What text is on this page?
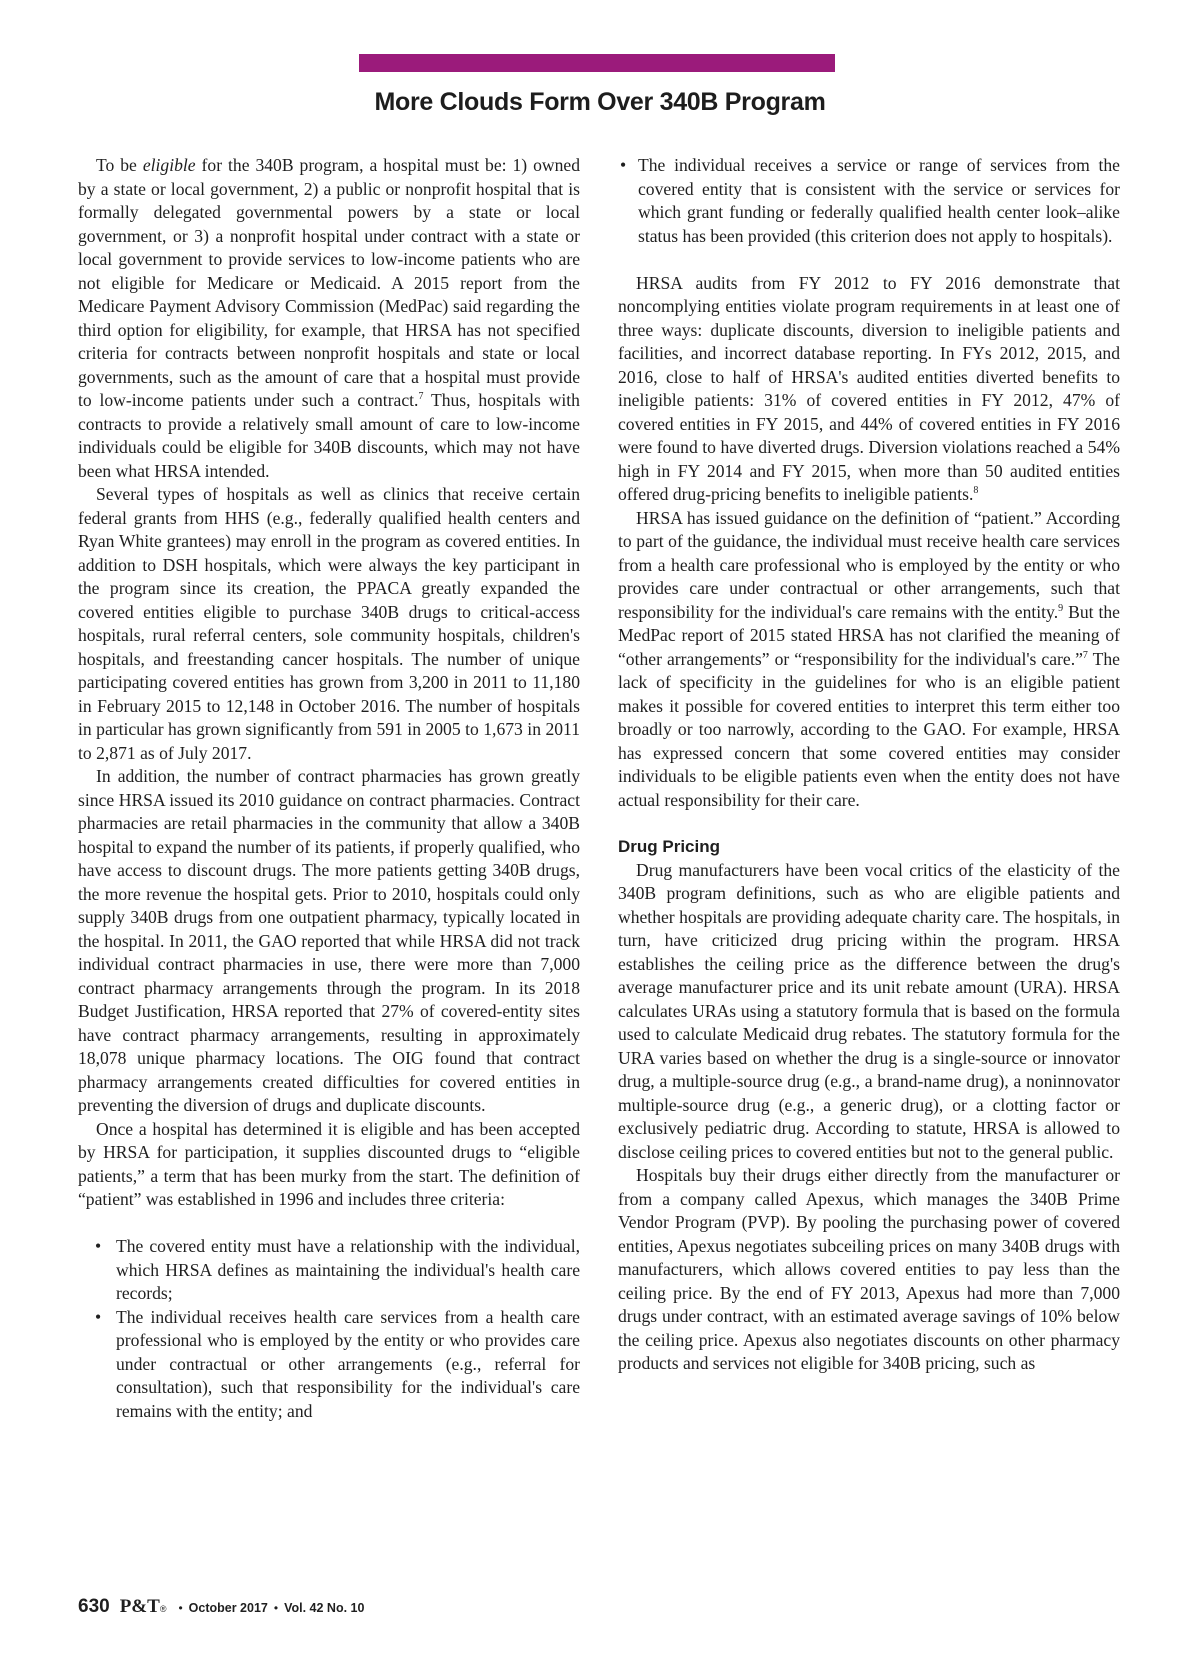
More Clouds Form Over 340B Program

To be eligible for the 340B program, a hospital must be: 1) owned by a state or local government, 2) a public or nonprofit hospital that is formally delegated governmental powers by a state or local government, or 3) a nonprofit hospital under contract with a state or local government to provide services to low-income patients who are not eligible for Medicare or Medicaid. A 2015 report from the Medicare Payment Advisory Commission (MedPac) said regarding the third option for eligibility, for example, that HRSA has not specified criteria for contracts between nonprofit hospitals and state or local governments, such as the amount of care that a hospital must provide to low-income patients under such a contract.$^7$ Thus, hospitals with contracts to provide a relatively small amount of care to low-income individuals could be eligible for 340B discounts, which may not have been what HRSA intended.

Several types of hospitals as well as clinics that receive certain federal grants from HHS (e.g., federally qualified health centers and Ryan White grantees) may enroll in the program as covered entities. In addition to DSH hospitals, which were always the key participant in the program since its creation, the PPACA greatly expanded the covered entities eligible to purchase 340B drugs to critical-access hospitals, rural referral centers, sole community hospitals, children's hospitals, and freestanding cancer hospitals. The number of unique participating covered entities has grown from 3,200 in 2011 to 11,180 in February 2015 to 12,148 in October 2016. The number of hospitals in particular has grown significantly from 591 in 2005 to 1,673 in 2011 to 2,871 as of July 2017.

In addition, the number of contract pharmacies has grown greatly since HRSA issued its 2010 guidance on contract pharmacies. Contract pharmacies are retail pharmacies in the community that allow a 340B hospital to expand the number of its patients, if properly qualified, who have access to discount drugs. The more patients getting 340B drugs, the more revenue the hospital gets. Prior to 2010, hospitals could only supply 340B drugs from one outpatient pharmacy, typically located in the hospital. In 2011, the GAO reported that while HRSA did not track individual contract pharmacies in use, there were more than 7,000 contract pharmacy arrangements through the program. In its 2018 Budget Justification, HRSA reported that 27% of covered-entity sites have contract pharmacy arrangements, resulting in approximately 18,078 unique pharmacy locations. The OIG found that contract pharmacy arrangements created difficulties for covered entities in preventing the diversion of drugs and duplicate discounts.

Once a hospital has determined it is eligible and has been accepted by HRSA for participation, it supplies discounted drugs to “eligible patients,” a term that has been murky from the start. The definition of “patient” was established in 1996 and includes three criteria:

• The covered entity must have a relationship with the individual, which HRSA defines as maintaining the individual's health care records;
• The individual receives health care services from a health care professional who is employed by the entity or who provides care under contractual or other arrangements (e.g., referral for consultation), such that responsibility for the individual's care remains with the entity; and
• The individual receives a service or range of services from the covered entity that is consistent with the service or services for which grant funding or federally qualified health center look–alike status has been provided (this criterion does not apply to hospitals).

HRSA audits from FY 2012 to FY 2016 demonstrate that noncomplying entities violate program requirements in at least one of three ways: duplicate discounts, diversion to ineligible patients and facilities, and incorrect database reporting. In FYs 2012, 2015, and 2016, close to half of HRSA's audited entities diverted benefits to ineligible patients: 31% of covered entities in FY 2012, 47% of covered entities in FY 2015, and 44% of covered entities in FY 2016 were found to have diverted drugs. Diversion violations reached a 54% high in FY 2014 and FY 2015, when more than 50 audited entities offered drug-pricing benefits to ineligible patients.$^8$

HRSA has issued guidance on the definition of “patient.” According to part of the guidance, the individual must receive health care services from a health care professional who is employed by the entity or who provides care under contractual or other arrangements, such that responsibility for the individual's care remains with the entity.$^9$ But the MedPac report of 2015 stated HRSA has not clarified the meaning of “other arrangements” or “responsibility for the individual's care.”$^7$ The lack of specificity in the guidelines for who is an eligible patient makes it possible for covered entities to interpret this term either too broadly or too narrowly, according to the GAO. For example, HRSA has expressed concern that some covered entities may consider individuals to be eligible patients even when the entity does not have actual responsibility for their care.

Drug Pricing

Drug manufacturers have been vocal critics of the elasticity of the 340B program definitions, such as who are eligible patients and whether hospitals are providing adequate charity care. The hospitals, in turn, have criticized drug pricing within the program. HRSA establishes the ceiling price as the difference between the drug's average manufacturer price and its unit rebate amount (URA). HRSA calculates URAs using a statutory formula that is based on the formula used to calculate Medicaid drug rebates. The statutory formula for the URA varies based on whether the drug is a single-source or innovator drug, a multiple-source drug (e.g., a brand-name drug), a noninnovator multiple-source drug (e.g., a generic drug), or a clotting factor or exclusively pediatric drug. According to statute, HRSA is allowed to disclose ceiling prices to covered entities but not to the general public.

Hospitals buy their drugs either directly from the manufacturer or from a company called Apexus, which manages the 340B Prime Vendor Program (PVP). By pooling the purchasing power of covered entities, Apexus negotiates subceiling prices on many 340B drugs with manufacturers, which allows covered entities to pay less than the ceiling price. By the end of FY 2013, Apexus had more than 7,000 drugs under contract, with an estimated average savings of 10% below the ceiling price. Apexus also negotiates discounts on other pharmacy products and services not eligible for 340B pricing, such as

630 P&T ® • October 2017 • Vol. 42 No. 10
